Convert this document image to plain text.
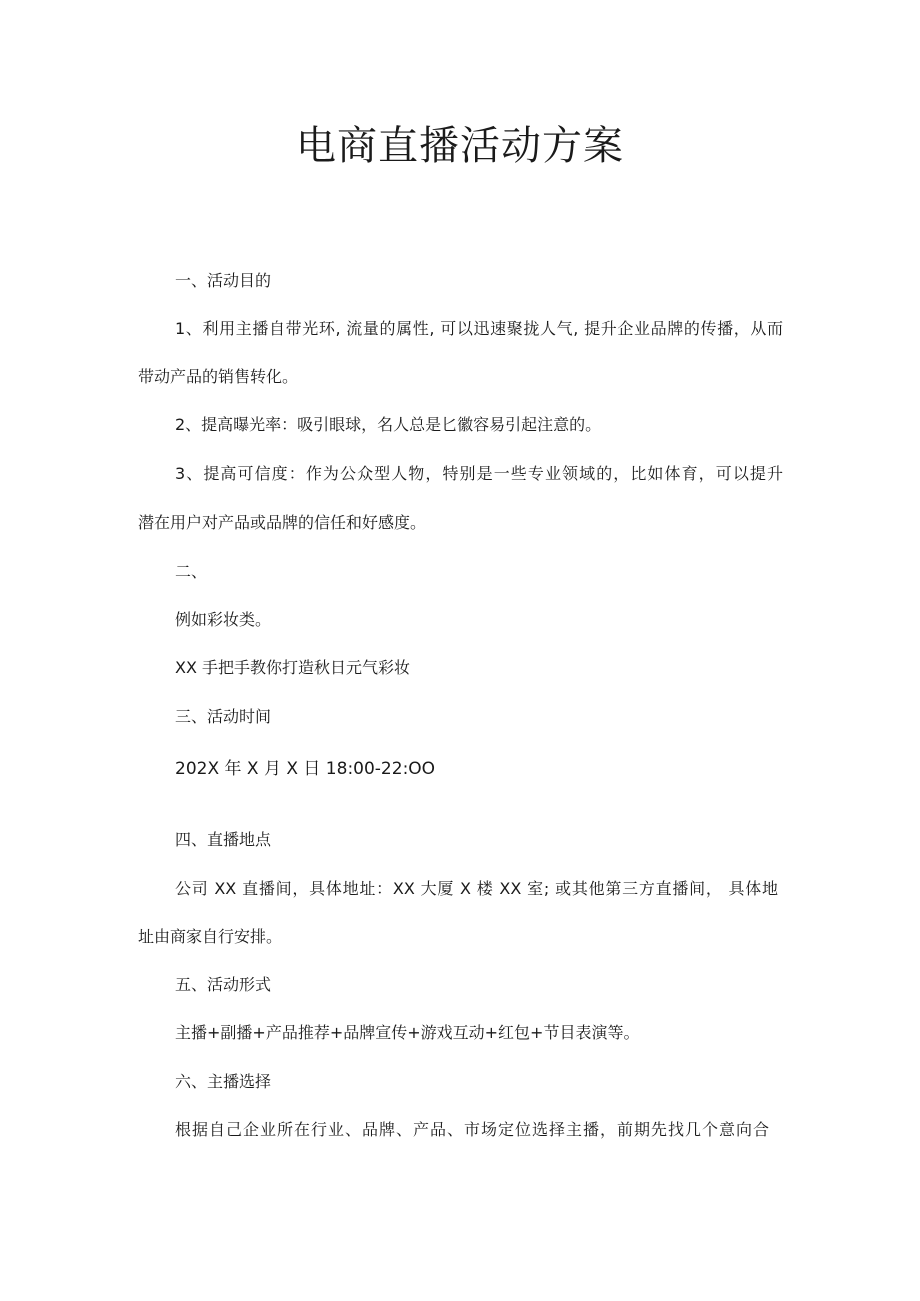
电商直播活动方案

一、活动目的

1、利用主播自带光环, 流量的属性, 可以迅速聚拢人气, 提升企业品牌的传播，从而

带动产品的销售转化。

2、提高曝光率：吸引眼球，名人总是匕徽容易引起注意的。

3、提高可信度：作为公众型人物，特别是一些专业领域的，比如体育，可以提升

潜在用户对产品或品牌的信任和好感度。

二、

例如彩妆类。

XX 手把手教你打造秋日元气彩妆

三、活动时间

202X 年 X 月 X 日 18:00-22:OO

四、直播地点

公司 XX 直播间，具体地址：XX 大厦 X 楼 XX 室; 或其他第三方直播间， 具体地

址由商家自行安排。

五、活动形式

主播+副播+产品推荐+品牌宣传+游戏互动+红包+节目表演等。

六、主播选择

根据自己企业所在行业、品牌、产品、市场定位选择主播，前期先找几个意向合
